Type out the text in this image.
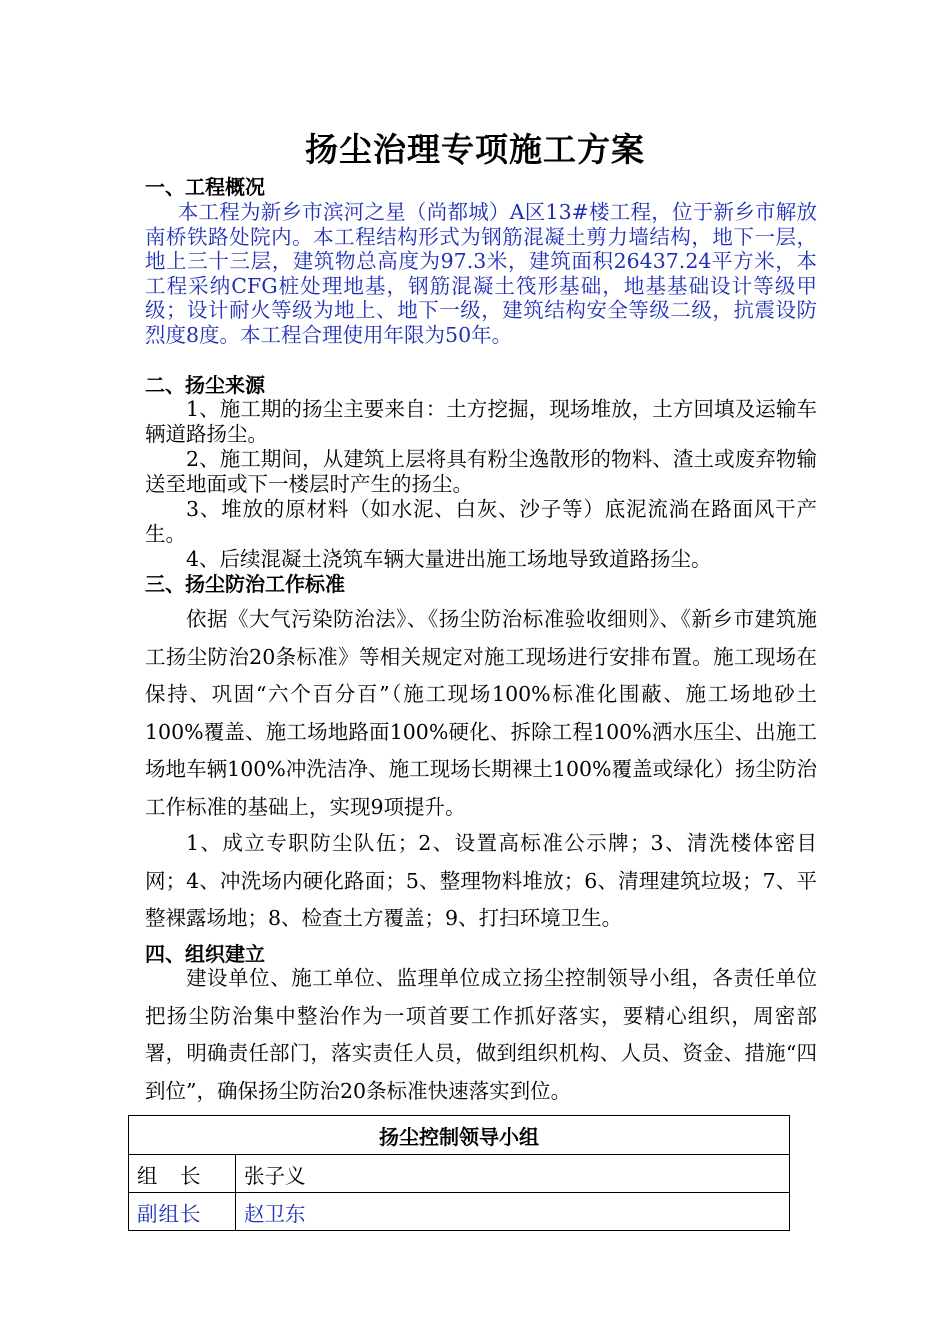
扬尘治理专项施工方案
一、工程概况
本工程为新乡市滨河之星（尚都城）A区13#楼工程，位于新乡市解放南桥铁路处院内。本工程结构形式为钢筋混凝土剪力墙结构，地下一层，地上三十三层，建筑物总高度为97.3米，建筑面积26437.24平方米，本工程采纳CFG桩处理地基，钢筋混凝土筏形基础，地基基础设计等级甲级；设计耐火等级为地上、地下一级，建筑结构安全等级二级，抗震设防烈度8度。本工程合理使用年限为50年。
二、扬尘来源
1、施工期的扬尘主要来自：土方挖掘，现场堆放，土方回填及运输车辆道路扬尘。
2、施工期间，从建筑上层将具有粉尘逸散形的物料、渣土或废弃物输送至地面或下一楼层时产生的扬尘。
3、堆放的原材料（如水泥、白灰、沙子等）底泥流淌在路面风干产生。
4、后续混凝土浇筑车辆大量进出施工场地导致道路扬尘。
三、扬尘防治工作标准
依据《大气污染防治法》、《扬尘防治标准验收细则》、《新乡市建筑施工扬尘防治20条标准》等相关规定对施工现场进行安排布置。施工现场在保持、巩固“六个百分百”（施工现场100%标准化围蔽、施工场地砂土100%覆盖、施工场地路面100%硬化、拆除工程100%洒水压尘、出施工场地车辆100%冲洗洁净、施工现场长期裸土100%覆盖或绿化）扬尘防治工作标准的基础上，实现9项提升。
1、成立专职防尘队伍；2、设置高标准公示牌；3、清洗楼体密目网；4、冲洗场内硬化路面；5、整理物料堆放；6、清理建筑垃圾；7、平整裸露场地；8、检查土方覆盖；9、打扫环境卫生。
四、组织建立
建设单位、施工单位、监理单位成立扬尘控制领导小组，各责任单位把扬尘防治集中整治作为一项首要工作抓好落实，要精心组织，周密部署，明确责任部门，落实责任人员，做到组织机构、人员、资金、措施“四到位”，确保扬尘防治20条标准快速落实到位。
扬尘控制领导小组	
组　长	张子义
副组长	赵卫东
